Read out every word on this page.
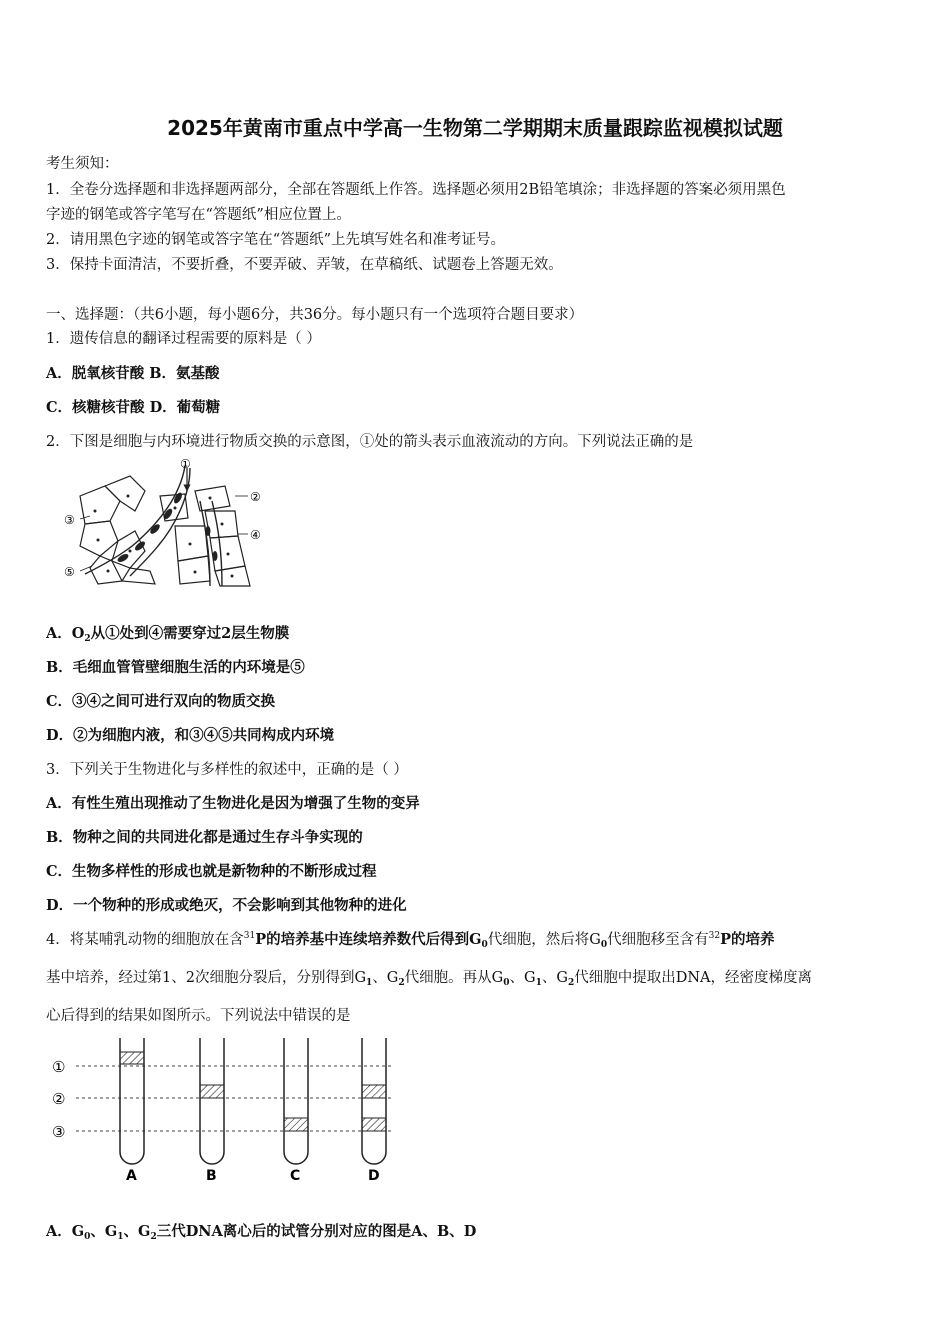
2025年黄南市重点中学高一生物第二学期期末质量跟踪监视模拟试题
考生须知：
1．全卷分选择题和非选择题两部分，全部在答题纸上作答。选择题必须用2B铅笔填涂；非选择题的答案必须用黑色
字迹的钢笔或答字笔写在“答题纸”相应位置上。
2．请用黑色字迹的钢笔或答字笔在“答题纸”上先填写姓名和准考证号。
3．保持卡面清洁，不要折叠，不要弄破、弄皱，在草稿纸、试题卷上答题无效。
一、选择题：（共6小题，每小题6分，共36分。每小题只有一个选项符合题目要求）
1．遗传信息的翻译过程需要的原料是（ ）
A．脱氧核苷酸 B．氨基酸
C．核糖核苷酸 D．葡萄糖
2．下图是细胞与内环境进行物质交换的示意图，①处的箭头表示血液流动的方向。下列说法正确的是
①
②
③
④
⑤
A．$O_2$从①处到④需要穿过2层生物膜
B．毛细血管管壁细胞生活的内环境是⑤
C．③④之间可进行双向的物质交换
D．②为细胞内液，和③④⑤共同构成内环境
3．下列关于生物进化与多样性的叙述中，正确的是（ ）
A．有性生殖出现推动了生物进化是因为增强了生物的变异
B．物种之间的共同进化都是通过生存斗争实现的
C．生物多样性的形成也就是新物种的不断形成过程
D．一个物种的形成或绝灭，不会影响到其他物种的进化
4．将某哺乳动物的细胞放在含$^{31}$P的培养基中连续培养数代后得到$G_0$代细胞，然后将$G_0$代细胞移至含有$^{32}$P的培养
基中培养，经过第1、2次细胞分裂后，分别得到$G_1$、$G_2$代细胞。再从$G_0$、$G_1$、$G_2$代细胞中提取出DNA，经密度梯度离
心后得到的结果如图所示。下列说法中错误的是
①
②
③
A	B	C	D
A．$G_0$、$G_1$、$G_2$三代DNA离心后的试管分别对应的图是A、B、D
